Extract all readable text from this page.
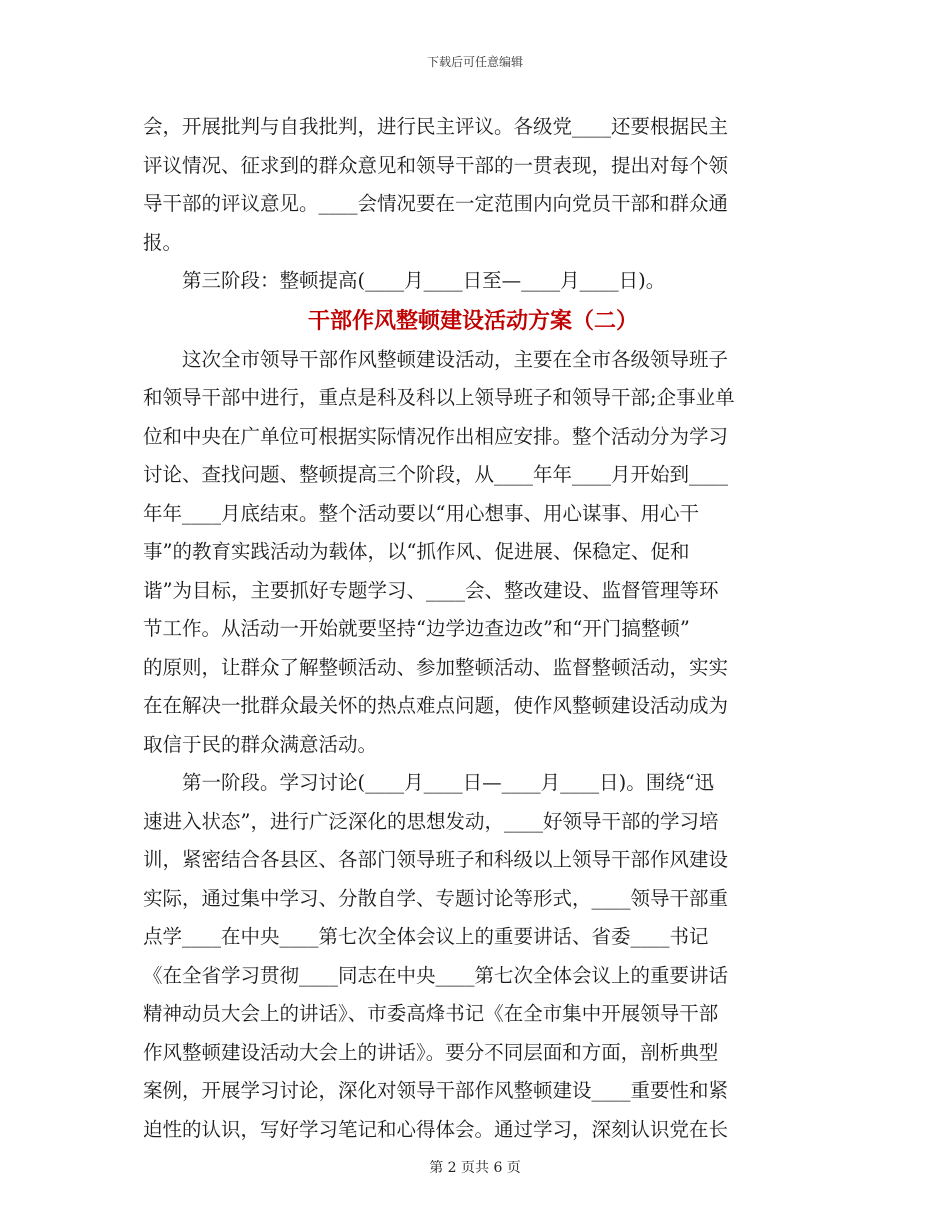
下载后可任意编辑
会，开展批判与自我批判，进行民主评议。各级党____还要根据民主
评议情况、征求到的群众意见和领导干部的一贯表现，提出对每个领
导干部的评议意见。____会情况要在一定范围内向党员干部和群众通
报。
　　第三阶段：整顿提高(____月____日至—____月____日)。
干部作风整顿建设活动方案（二）
　　这次全市领导干部作风整顿建设活动，主要在全市各级领导班子
和领导干部中进行，重点是科及科以上领导班子和领导干部;企事业单
位和中央在广单位可根据实际情况作出相应安排。整个活动分为学习
讨论、查找问题、整顿提高三个阶段，从____年年____月开始到____
年年____月底结束。整个活动要以“用心想事、用心谋事、用心干
事”的教育实践活动为载体，以“抓作风、促进展、保稳定、促和
谐”为目标，主要抓好专题学习、____会、整改建设、监督管理等环
节工作。从活动一开始就要坚持“边学边查边改”和“开门搞整顿”
的原则，让群众了解整顿活动、参加整顿活动、监督整顿活动，实实
在在解决一批群众最关怀的热点难点问题，使作风整顿建设活动成为
取信于民的群众满意活动。
　　第一阶段。学习讨论(____月____日—____月____日)。围绕“迅
速进入状态”，进行广泛深化的思想发动，____好领导干部的学习培
训，紧密结合各县区、各部门领导班子和科级以上领导干部作风建设
实际，通过集中学习、分散自学、专题讨论等形式，____领导干部重
点学____在中央____第七次全体会议上的重要讲话、省委____书记
《在全省学习贯彻____同志在中央____第七次全体会议上的重要讲话
精神动员大会上的讲话》、市委高烽书记《在全市集中开展领导干部
作风整顿建设活动大会上的讲话》。要分不同层面和方面，剖析典型
案例，开展学习讨论，深化对领导干部作风整顿建设____重要性和紧
迫性的认识，写好学习笔记和心得体会。通过学习，深刻认识党在长
第 2 页共 6 页
